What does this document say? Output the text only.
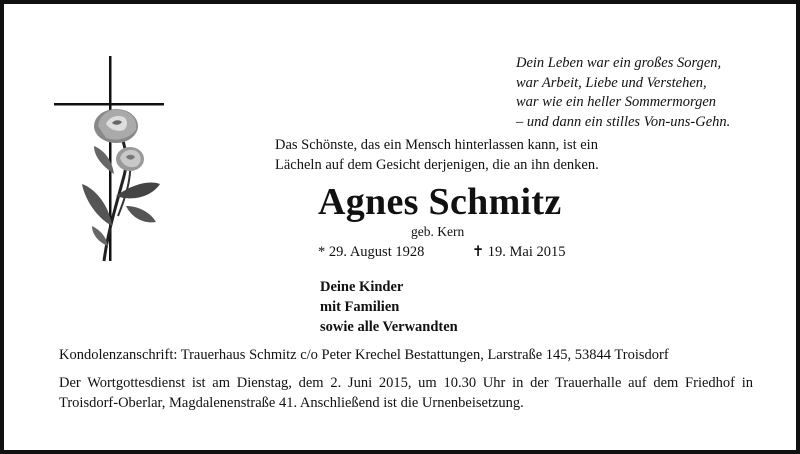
Dein Leben war ein großes Sorgen,
war Arbeit, Liebe und Verstehen,
war wie ein heller Sommermorgen
– und dann ein stilles Von-uns-Gehn.
Das Schönste, das ein Mensch hinterlassen kann, ist ein
Lächeln auf dem Gesicht derjenigen, die an ihn denken.
Agnes Schmitz
geb. Kern
* 29. August 1928	✝ 19. Mai 2015
Deine Kinder
mit Familien
sowie alle Verwandten
Kondolenzanschrift: Trauerhaus Schmitz c/o Peter Krechel Bestattungen, Larstraße 145, 53844 Troisdorf
Der Wortgottesdienst ist am Dienstag, dem 2. Juni 2015, um 10.30 Uhr in der Trauerhalle auf dem Friedhof in
Troisdorf-Oberlar, Magdalenenstraße 41. Anschließend ist die Urnenbeisetzung.
